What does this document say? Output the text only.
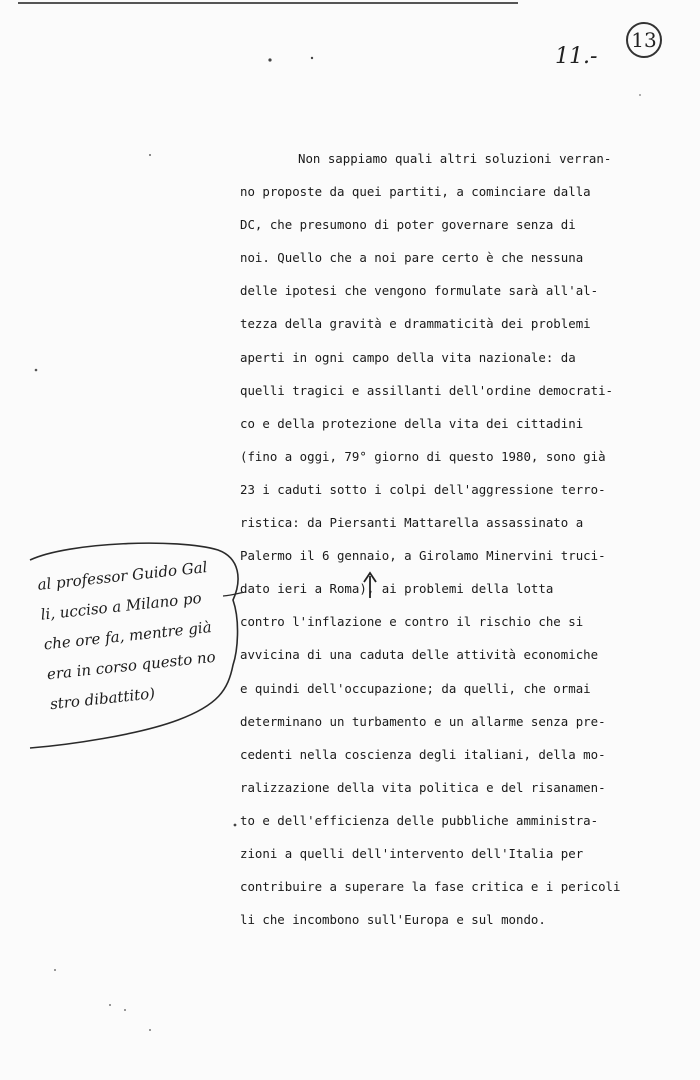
11.-
13
Non sappiamo quali altri soluzioni verran-
no proposte da quei partiti, a cominciare dalla
DC, che presumono di poter governare senza di
noi. Quello che a noi pare certo è che nessuna
delle ipotesi che vengono formulate sarà all'al-
tezza della gravità e drammaticità dei problemi
aperti in ogni campo della vita nazionale: da
quelli tragici e assillanti dell'ordine democrati-
co e della protezione della vita dei cittadini
(fino a oggi, 79° giorno di questo 1980, sono già
23 i caduti sotto i colpi dell'aggressione terro-
ristica: da Piersanti Mattarella assassinato a
Palermo il 6 gennaio, a Girolamo Minervini truci-
dato ieri a Roma), ai problemi della lotta
contro l'inflazione e contro il rischio che si
avvicina di una caduta delle attività economiche
e quindi dell'occupazione; da quelli, che ormai
determinano un turbamento e un allarme senza pre-
cedenti nella coscienza degli italiani, della mo-
ralizzazione della vita politica e del risanamen-
to e dell'efficienza delle pubbliche amministra-
zioni a quelli dell'intervento dell'Italia per
contribuire a superare la fase critica e i pericoli
li che incombono sull'Europa e sul mondo.
al professor Guido Gal
li, ucciso a Milano po
che ore fa, mentre già
era in corso questo no
stro dibattito)
